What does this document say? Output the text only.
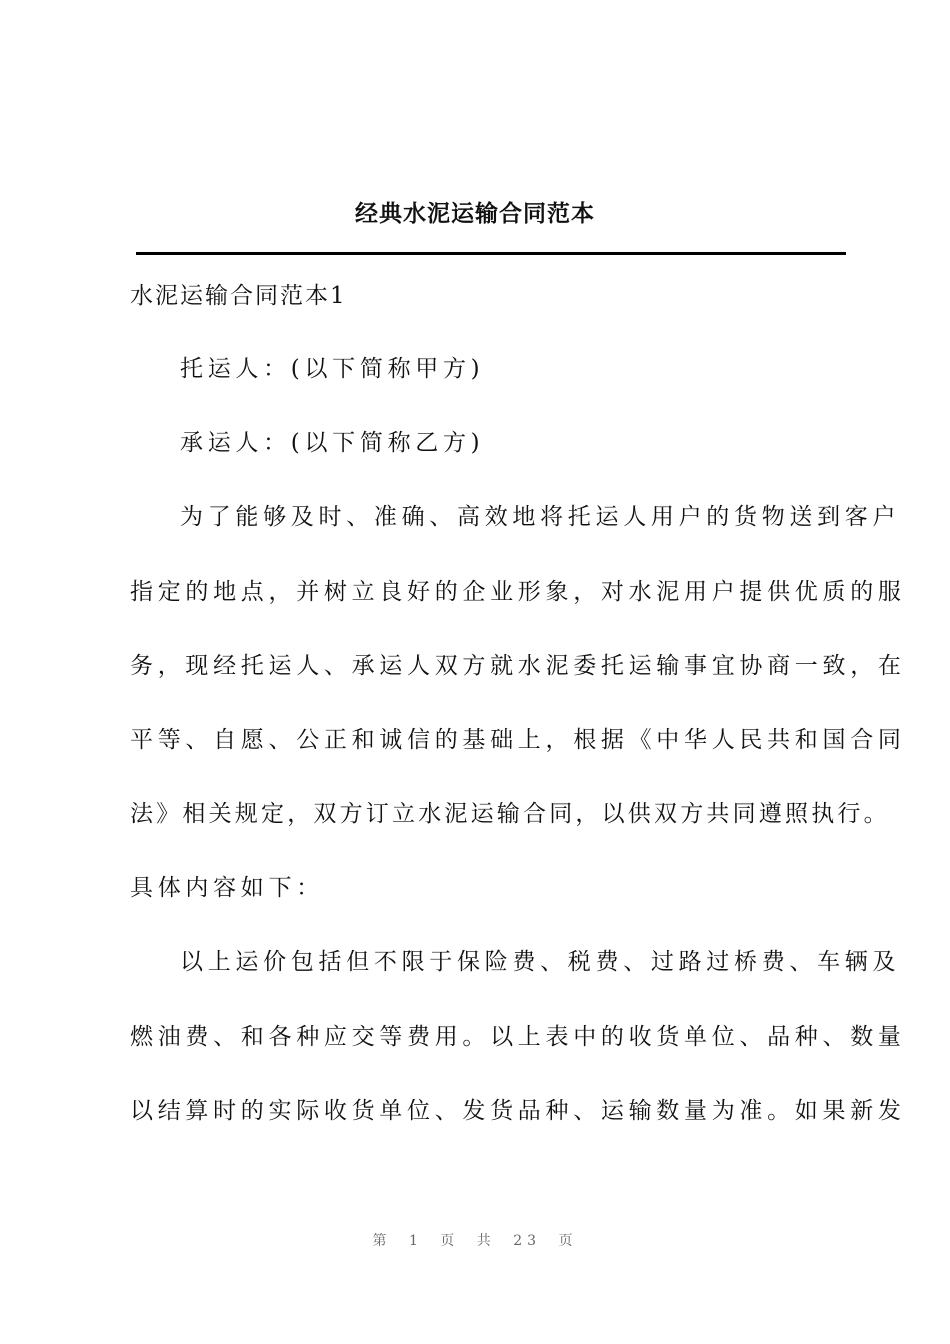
经典水泥运输合同范本
水泥运输合同范本1
托运人：(以下简称甲方)
承运人：(以下简称乙方)
为了能够及时、准确、高效地将托运人用户的货物送到客户
指定的地点，并树立良好的企业形象，对水泥用户提供优质的服
务，现经托运人、承运人双方就水泥委托运输事宜协商一致，在
平等、自愿、公正和诚信的基础上，根据《中华人民共和国合同
法》相关规定，双方订立水泥运输合同，以供双方共同遵照执行。
具体内容如下：
以上运价包括但不限于保险费、税费、过路过桥费、车辆及
燃油费、和各种应交等费用。以上表中的收货单位、品种、数量
以结算时的实际收货单位、发货品种、运输数量为准。如果新发
第 1 页 共 23 页
